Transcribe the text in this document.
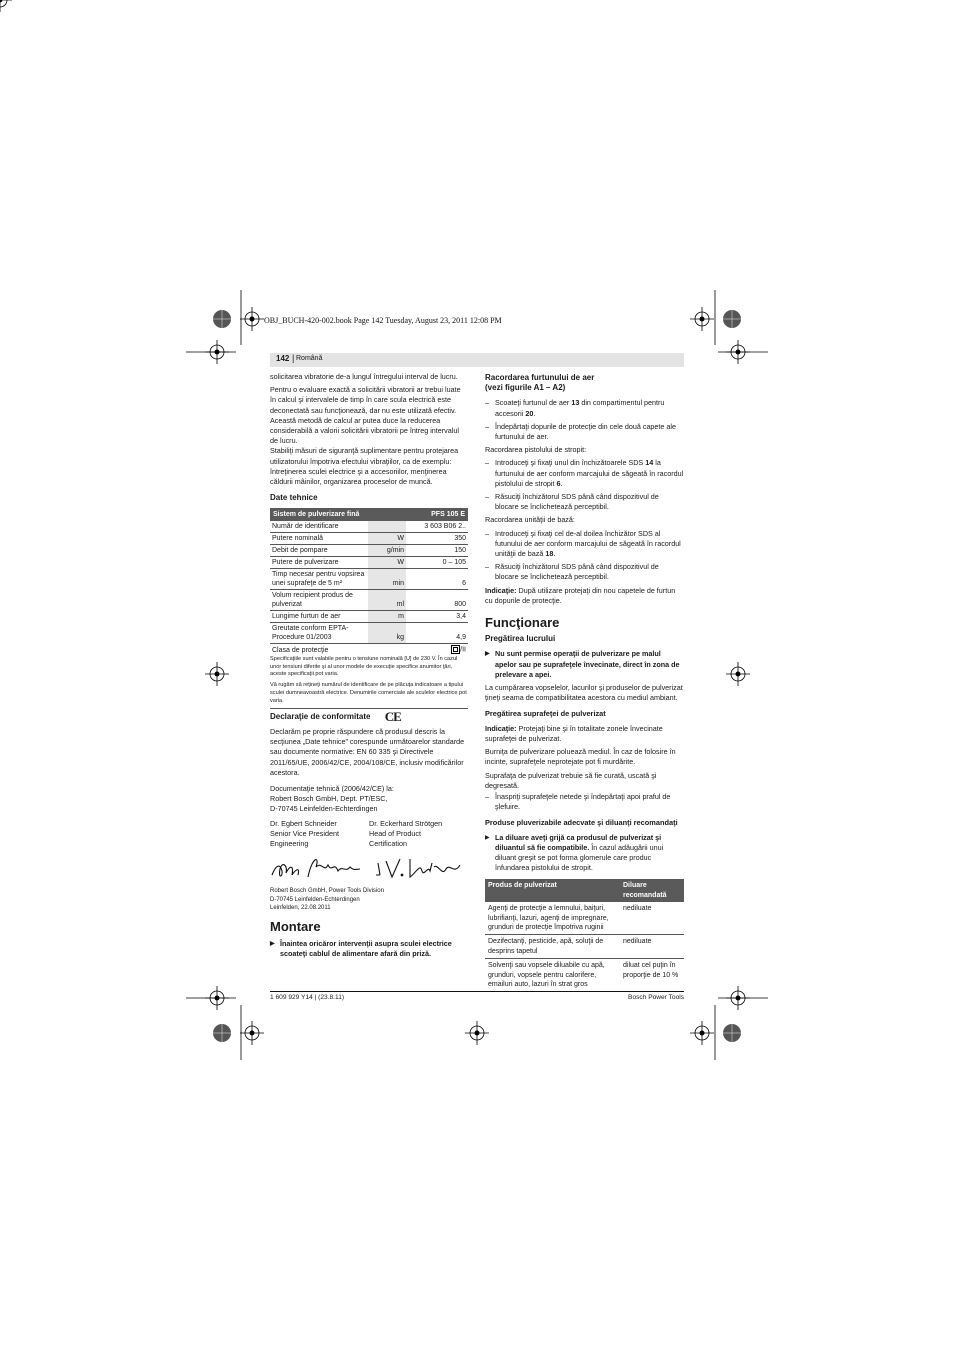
OBJ_BUCH-420-002.book Page 142 Tuesday, August 23, 2011 12:08 PM
142 | Română

solicitarea vibratorie de-a lungul întregului interval de lucru.

Pentru o evaluare exactă a solicitării vibratorii ar trebui luate în calcul şi intervalele de timp în care scula electrică este deconectată sau funcţionează, dar nu este utilizată efectiv. Această metodă de calcul ar putea duce la reducerea considerabilă a valorii solicitării vibratorii pe întreg intervalul de lucru.

Stabiliţi măsuri de siguranţă suplimentare pentru protejarea utilizatorului împotriva efectului vibraţiilor, ca de exemplu: întreţinerea sculei electrice şi a accesoriilor, menţinerea căldurii mâinilor, organizarea proceselor de muncă.

Date tehnice
Sistem de pulverizare fină		PFS 105 E
Număr de identificare		3 603 B06 2..
Putere nominală	W	350
Debit de pompare	g/min	150
Putere de pulverizare	W	0 – 105
Timp necesar pentru vopsirea unei suprafeţe de 5 m²	min	6
Volum recipient produs de pulverizat	ml	800
Lungime furtun de aer	m	3,4
Greutate conform EPTA-Procedure 01/2003	kg	4,9
Clasa de protecţie		/II

Specificaţiile sunt valabile pentru o tensiune nominală [U] de 230 V. În cazul unor tensiuni diferite şi al unor modele de execuţie specifice anumitor ţări, aceste specificaţii pot varia.

Vă rugăm să reţineţi numărul de identificare de pe plăcuţa indicatoare a tipului sculei dumneavoastră electrice. Denumirile comerciale ale sculelor electrice pot varia.

Declaraţie de conformitate CE

Declarăm pe proprie răspundere că produsul descris la secţiunea „Date tehnice” corespunde următoarelor standarde sau documente normative: EN 60 335 şi Directivele 2011/65/UE, 2006/42/CE, 2004/108/CE, inclusiv modificărilor acestora.

Documentaţie tehnică (2006/42/CE) la:
Robert Bosch GmbH, Dept. PT/ESC,
D-70745 Leinfelden-Echterdingen

Dr. Egbert Schneider
Senior Vice President
Engineering
Dr. Eckerhard Strötgen
Head of Product
Certification

Robert Bosch GmbH, Power Tools Division
D-70745 Leinfelden-Echterdingen
Leinfelden, 22.08.2011

Montare

▶ Înaintea oricăror intervenţii asupra sculei electrice scoateţi cablul de alimentare afară din priză.

Racordarea furtunului de aer
(vezi figurile A1 – A2)

– Scoateţi furtunul de aer 13 din compartimentul pentru accesorii 20.

– Îndepărtaţi dopurile de protecţie din cele două capete ale furtunului de aer.

Racordarea pistolului de stropit:

– Introduceţi şi fixaţi unul din închizătoarele SDS 14 la furtunului de aer conform marcajului de săgeată în racordul pistolului de stropit 6.

– Răsuciţi închizătorul SDS până când dispozitivul de blocare se înclichetează perceptibil.

Racordarea unităţii de bază:

– Introduceţi şi fixaţi cel de-al doilea închizător SDS al futunului de aer conform marcajului de săgeată în racordul unităţii de bază 18.

– Răsuciţi închizătorul SDS până când dispozitivul de blocare se înclichetează perceptibil.

Indicaţie: După utilizare protejaţi din nou capetele de furtun cu dopurile de protecţie.

Funcţionare
Pregătirea lucrului

▶ Nu sunt permise operaţii de pulverizare pe malul apelor sau pe suprafeţele învecinate, direct în zona de prelevare a apei.

La cumpărarea vopselelor, lacurilor şi produselor de pulverizat ţineţi seama de compatibilitatea acestora cu mediul ambiant.

Pregătirea suprafeţei de pulverizat

Indicaţie: Protejaţi bine şi în totalitate zonele învecinate suprafeţei de pulverizat.

Burniţa de pulverizare poluează mediul. În caz de folosire în incinte, suprafeţele neprotejate pot fi murdărite.

Suprafaţa de pulverizat trebuie să fie curată, uscată şi degresată.

– Înaspriţi suprafeţele netede şi îndepărtaţi apoi praful de şlefuire.

Produse pluverizabile adecvate şi diluanţi recomandaţi

▶ La diluare aveţi grijă ca produsul de pulverizat şi diluantul să fie compatibile. În cazul adăugării unui diluant greşit se pot forma glomerule care produc înfundarea pistolului de stropit.

Produs de pulverizat	Diluare recomandată
Agenţi de protecţie a lemnului, baiţuri, lubrifianţi, lazuri, agenţi de impregnare, grunduri de protecţie împotriva ruginii	nediluate
Dezifectanţi, pesticide, apă, soluţii de desprins tapetul	nediluate
Solvenţi sau vopsele diluabile cu apă, grunduri, vopsele pentru calorifere, emailuri auto, lazuri în strat gros	diluat cel puţin în proporţie de 10 %
1 609 929 Y14 | (23.8.11)	Bosch Power Tools
